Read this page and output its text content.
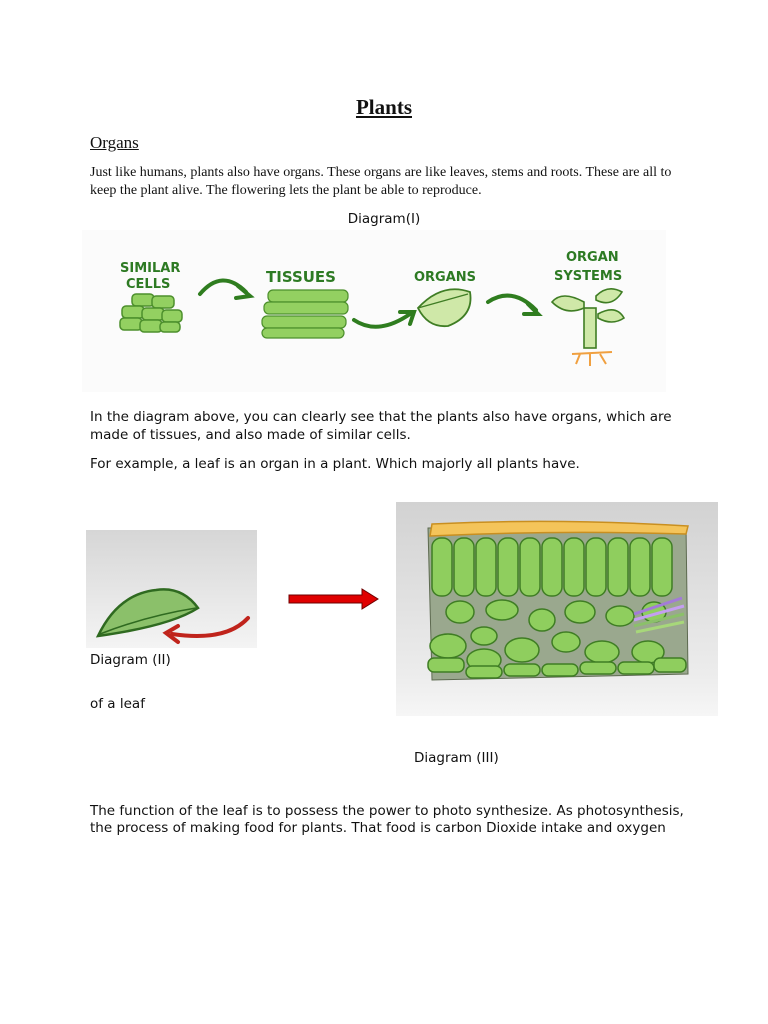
Plants
Organs
Just like humans, plants also have organs. These organs are like leaves, stems and roots. These are all to keep the plant alive. The flowering lets the plant be able to reproduce.
Diagram(I)
SIMILAR
CELLS	TISSUES	ORGANS
ORGAN
SYSTEMS
In the diagram above, you can clearly see that the plants also have organs, which are made of tissues, and also made of similar cells.
For example, a leaf is an organ in a plant. Which majorly all plants have.
Diagram (II)
of a leaf
Diagram (III)
The function of the leaf is to possess the power to photo synthesize. As photosynthesis, the process of making food for plants. That food is carbon Dioxide intake and oxygen
